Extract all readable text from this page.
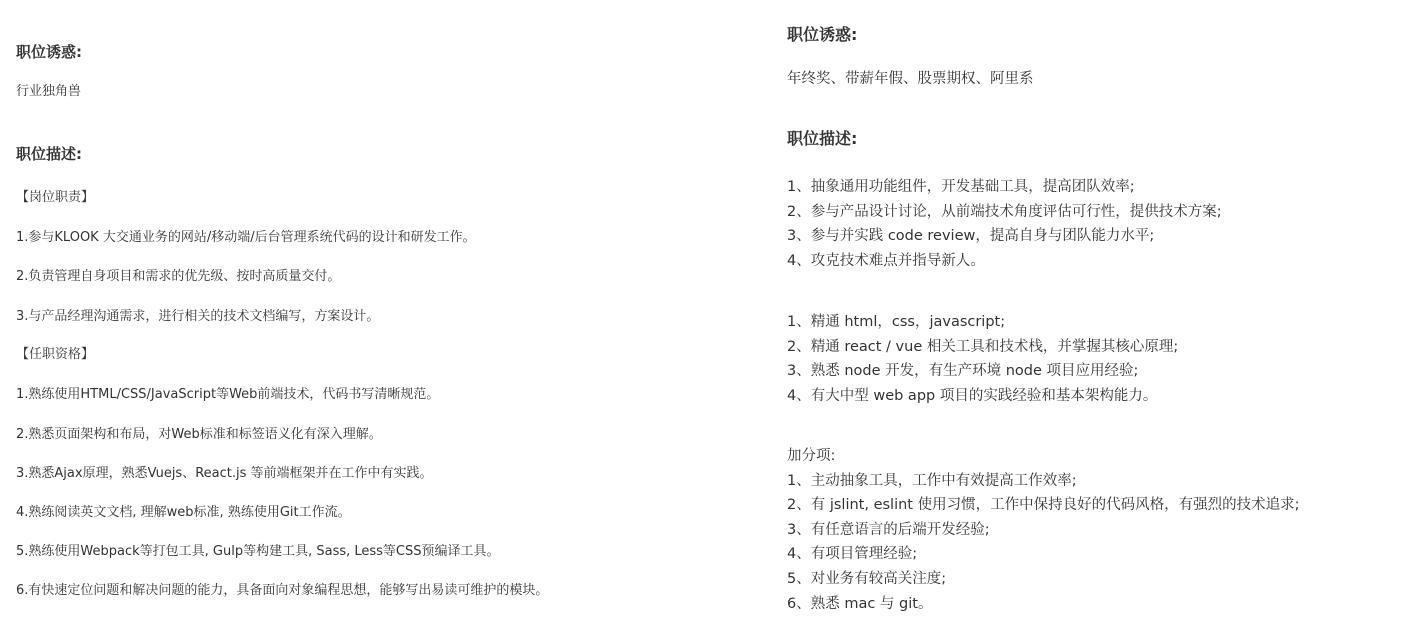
职位诱惑:
行业独角兽
职位描述:
【岗位职责】
1.参与KLOOK 大交通业务的网站/移动端/后台管理系统代码的设计和研发工作。
2.负责管理自身项目和需求的优先级、按时高质量交付。
3.与产品经理沟通需求，进行相关的技术文档编写，方案设计。
【任职资格】
1.熟练使用HTML/CSS/JavaScript等Web前端技术，代码书写清晰规范。
2.熟悉页面架构和布局，对Web标准和标签语义化有深入理解。
3.熟悉Ajax原理，熟悉Vuejs、React.js 等前端框架并在工作中有实践。
4.熟练阅读英文文档, 理解web标准, 熟练使用Git工作流。
5.熟练使用Webpack等打包工具, Gulp等构建工具, Sass, Less等CSS预编译工具。
6.有快速定位问题和解决问题的能力，具备面向对象编程思想，能够写出易读可维护的模块。
职位诱惑:
年终奖、带薪年假、股票期权、阿里系
职位描述:
1、抽象通用功能组件，开发基础工具，提高团队效率;
2、参与产品设计讨论，从前端技术角度评估可行性，提供技术方案;
3、参与并实践 code review，提高自身与团队能力水平;
4、攻克技术难点并指导新人。
1、精通 html，css，javascript;
2、精通 react / vue 相关工具和技术栈，并掌握其核心原理;
3、熟悉 node 开发，有生产环境 node 项目应用经验;
4、有大中型 web app 项目的实践经验和基本架构能力。
加分项:
1、主动抽象工具，工作中有效提高工作效率;
2、有 jslint, eslint 使用习惯，工作中保持良好的代码风格，有强烈的技术追求;
3、有任意语言的后端开发经验;
4、有项目管理经验;
5、对业务有较高关注度;
6、熟悉 mac 与 git。
